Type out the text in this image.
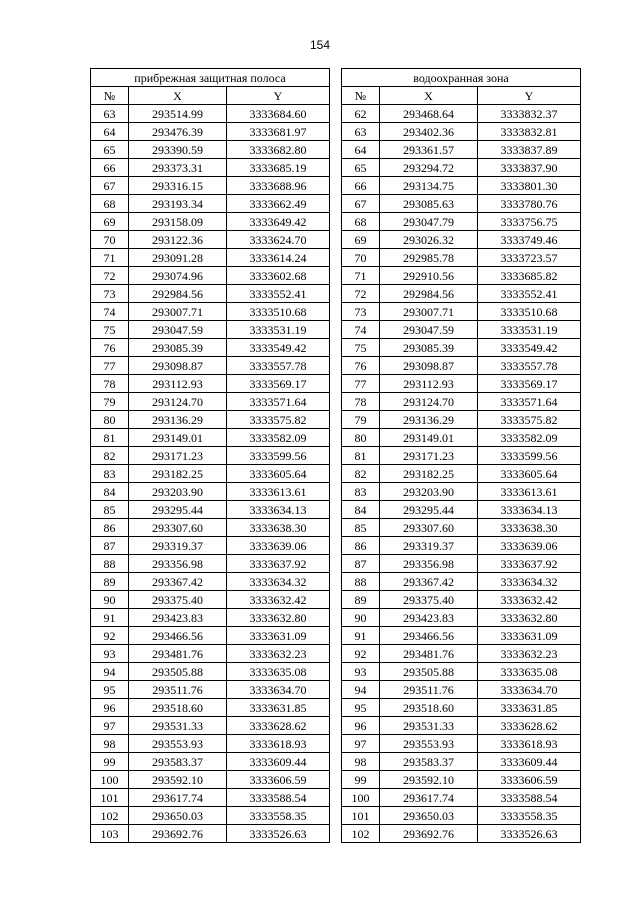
154
прибрежная защитная полоса				водоохранная зона		
№	X	Y		№	X	Y
63	293514.99	3333684.60		62	293468.64	3333832.37
64	293476.39	3333681.97		63	293402.36	3333832.81
65	293390.59	3333682.80		64	293361.57	3333837.89
66	293373.31	3333685.19		65	293294.72	3333837.90
67	293316.15	3333688.96		66	293134.75	3333801.30
68	293193.34	3333662.49		67	293085.63	3333780.76
69	293158.09	3333649.42		68	293047.79	3333756.75
70	293122.36	3333624.70		69	293026.32	3333749.46
71	293091.28	3333614.24		70	292985.78	3333723.57
72	293074.96	3333602.68		71	292910.56	3333685.82
73	292984.56	3333552.41		72	292984.56	3333552.41
74	293007.71	3333510.68		73	293007.71	3333510.68
75	293047.59	3333531.19		74	293047.59	3333531.19
76	293085.39	3333549.42		75	293085.39	3333549.42
77	293098.87	3333557.78		76	293098.87	3333557.78
78	293112.93	3333569.17		77	293112.93	3333569.17
79	293124.70	3333571.64		78	293124.70	3333571.64
80	293136.29	3333575.82		79	293136.29	3333575.82
81	293149.01	3333582.09		80	293149.01	3333582.09
82	293171.23	3333599.56		81	293171.23	3333599.56
83	293182.25	3333605.64		82	293182.25	3333605.64
84	293203.90	3333613.61		83	293203.90	3333613.61
85	293295.44	3333634.13		84	293295.44	3333634.13
86	293307.60	3333638.30		85	293307.60	3333638.30
87	293319.37	3333639.06		86	293319.37	3333639.06
88	293356.98	3333637.92		87	293356.98	3333637.92
89	293367.42	3333634.32		88	293367.42	3333634.32
90	293375.40	3333632.42		89	293375.40	3333632.42
91	293423.83	3333632.80		90	293423.83	3333632.80
92	293466.56	3333631.09		91	293466.56	3333631.09
93	293481.76	3333632.23		92	293481.76	3333632.23
94	293505.88	3333635.08		93	293505.88	3333635.08
95	293511.76	3333634.70		94	293511.76	3333634.70
96	293518.60	3333631.85		95	293518.60	3333631.85
97	293531.33	3333628.62		96	293531.33	3333628.62
98	293553.93	3333618.93		97	293553.93	3333618.93
99	293583.37	3333609.44		98	293583.37	3333609.44
100	293592.10	3333606.59		99	293592.10	3333606.59
101	293617.74	3333588.54		100	293617.74	3333588.54
102	293650.03	3333558.35		101	293650.03	3333558.35
103	293692.76	3333526.63		102	293692.76	3333526.63
